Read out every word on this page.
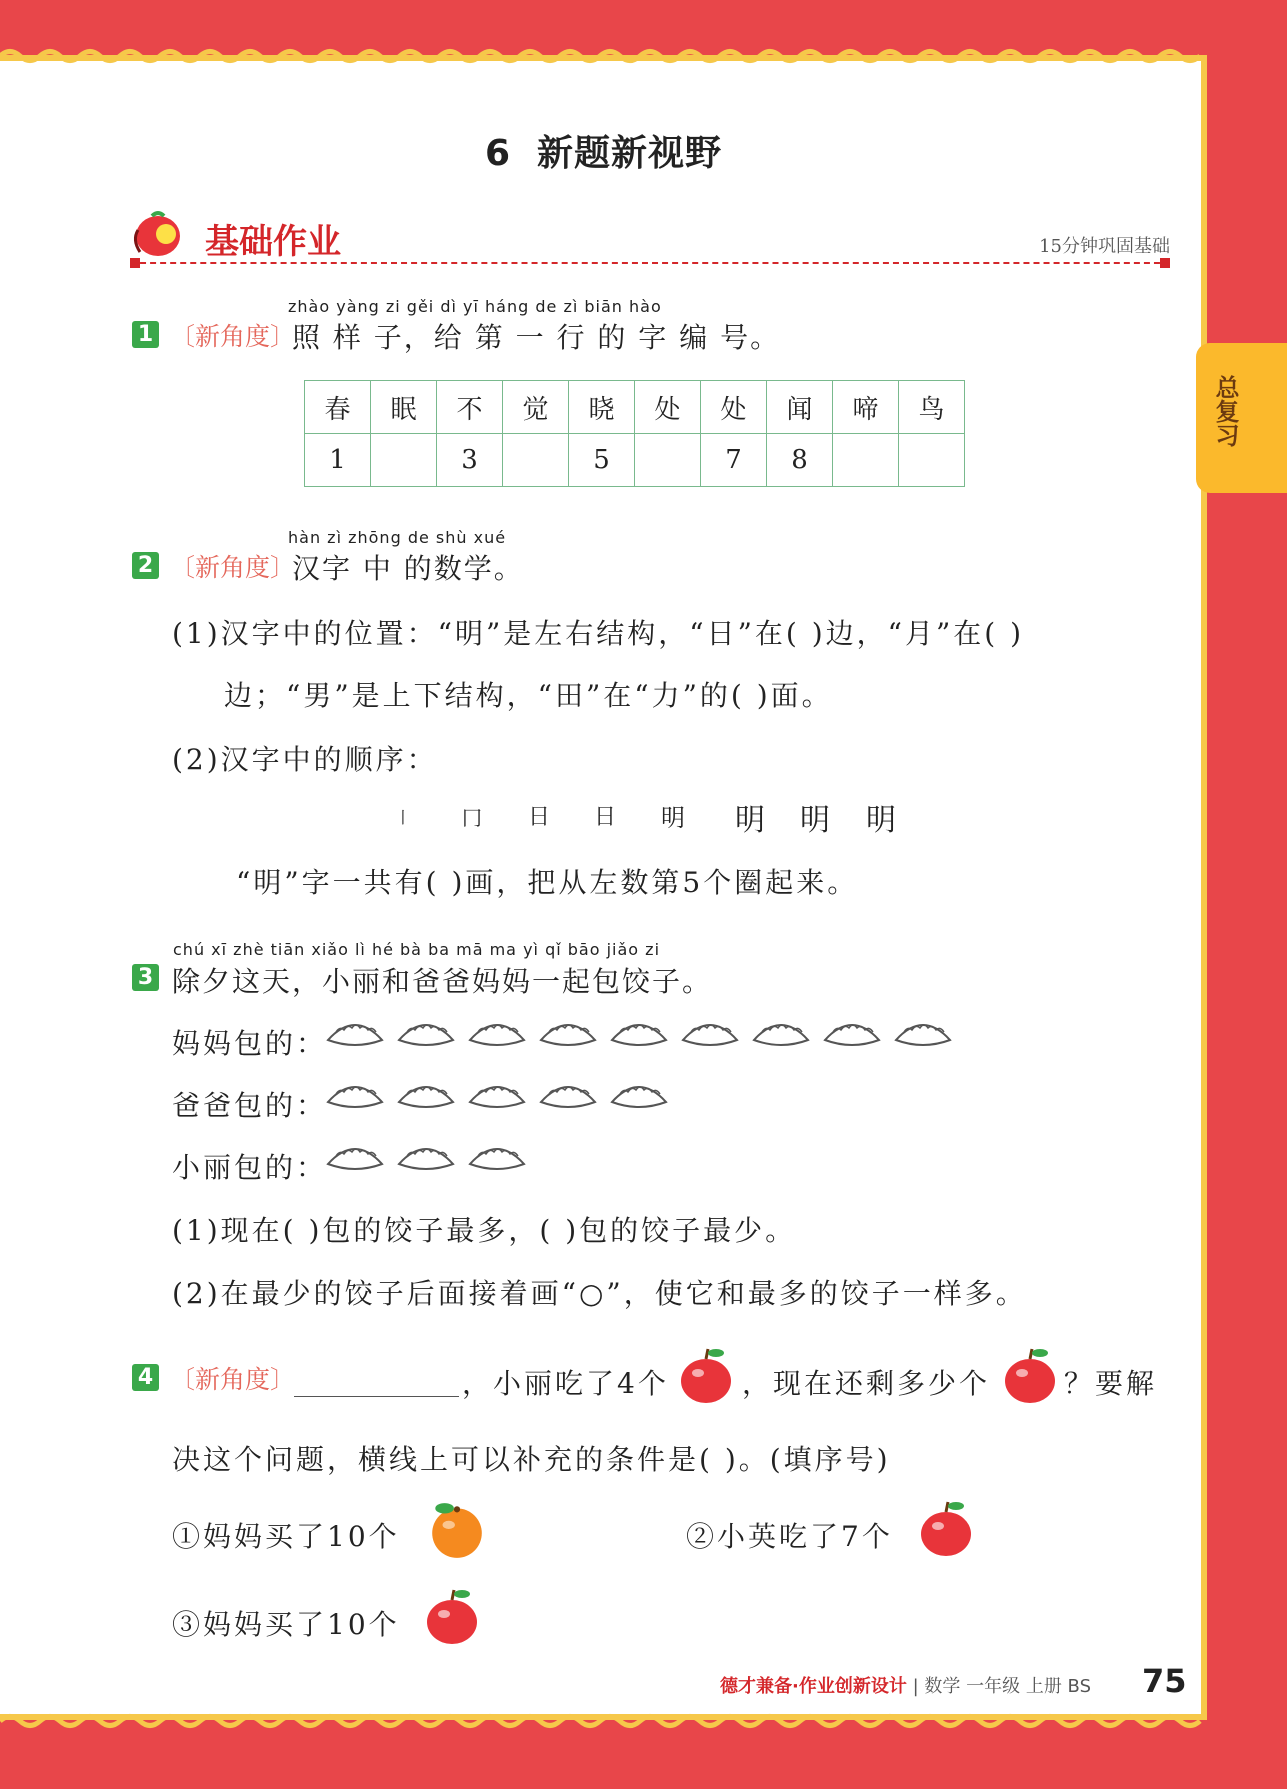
6 新题新视野
基础作业	15分钟巩固基础
总复习
zhào yàng zi gěi dì yī háng de zì biān hào
1 〔新角度〕
照 样 子，给 第 一 行 的 字 编 号。
春	眠	不	觉	晓	处	处	闻	啼	鸟
1		3		5		7	8		
hàn zì zhōng de shù xué
2 〔新角度〕
汉字 中 的数学。
(1)汉字中的位置：“明”是左右结构，“日”在( )边，“月”在( )
边；“男”是上下结构，“田”在“力”的( )面。
(2)汉字中的顺序：
丨	冂 日 日 明 明 明 明
“明”字一共有( )画，把从左数第5个圈起来。
chú xī zhè tiān xiǎo lì hé bà ba mā ma yì qǐ bāo jiǎo zi
3 除夕这天，小丽和爸爸妈妈一起包饺子。
妈妈包的：
爸爸包的：
小丽包的：
(1)现在( )包的饺子最多，( )包的饺子最少。
(2)在最少的饺子后面接着画“○”，使它和最多的饺子一样多。
4 〔新角度〕	，小丽吃了4个	，现在还剩多少个	？要解
决这个问题，横线上可以补充的条件是( )。(填序号)
①妈妈买了10个	②小英吃了7个
③妈妈买了10个
德才兼备·作业创新设计 | 数学 一年级 上册 BS 75
